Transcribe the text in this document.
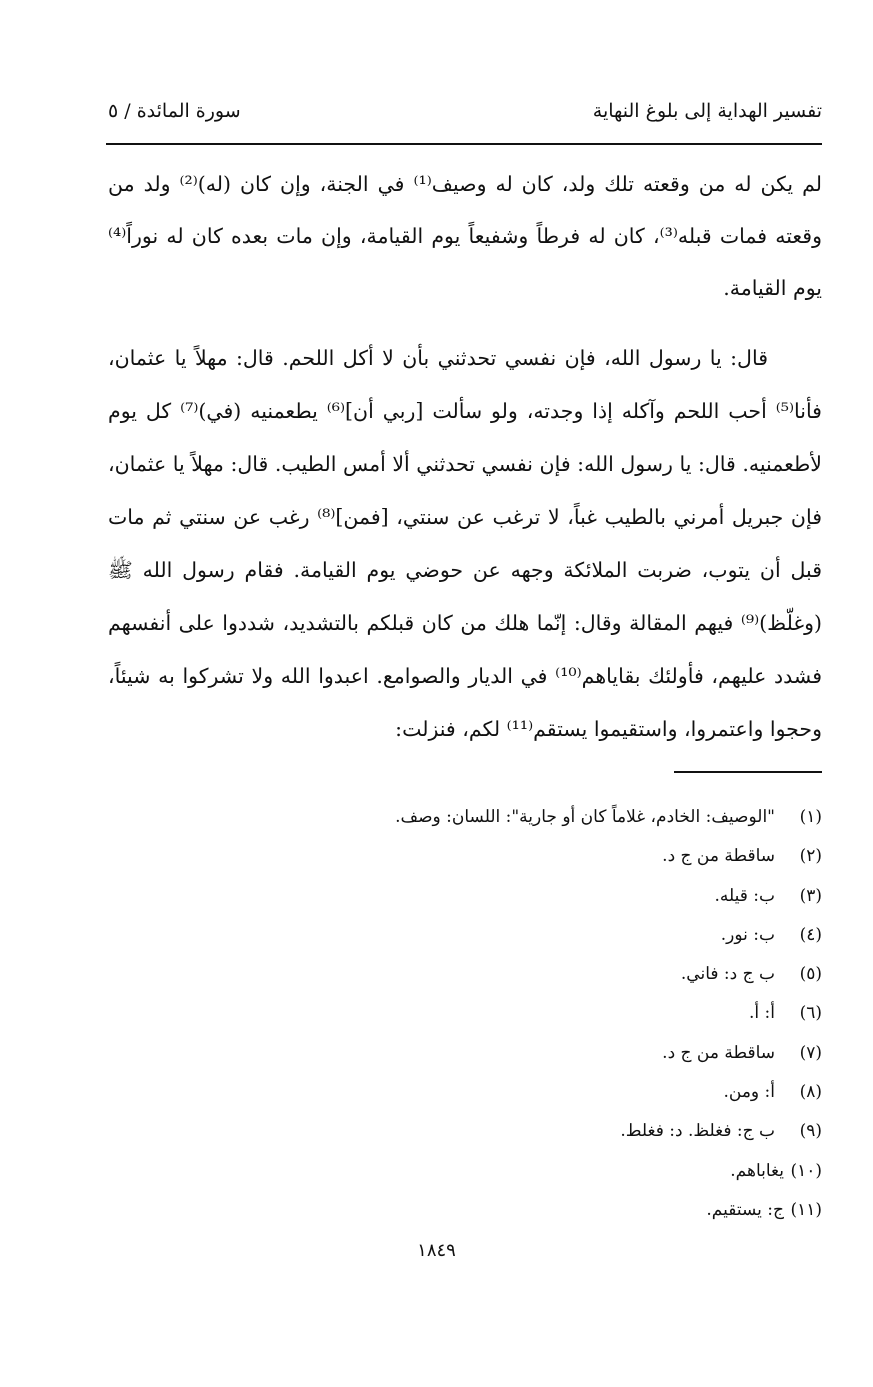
تفسير الهداية إلى بلوغ النهاية
سورة المائدة / ٥

لم يكن له من وقعته تلك ولد، كان له وصيف⁽¹⁾ في الجنة، وإن كان (له)⁽²⁾ ولد من وقعته فمات قبله⁽³⁾، كان له فرطاً وشفيعاً يوم القيامة، وإن مات بعده كان له نوراً⁽⁴⁾ يوم القيامة.

قال: يا رسول الله، فإن نفسي تحدثني بأن لا أكل اللحم. قال: مهلاً يا عثمان، فأنا⁽⁵⁾ أحب اللحم وآكله إذا وجدته، ولو سألت [ربي أن]⁽⁶⁾ يطعمنيه (في)⁽⁷⁾ كل يوم لأطعمنيه. قال: يا رسول الله: فإن نفسي تحدثني ألا أمس الطيب. قال: مهلاً يا عثمان، فإن جبريل أمرني بالطيب غباً، لا ترغب عن سنتي، [فمن]⁽⁸⁾ رغب عن سنتي ثم مات قبل أن يتوب، ضربت الملائكة وجهه عن حوضي يوم القيامة. فقام رسول الله ﷺ (وغلّظ)⁽⁹⁾ فيهم المقالة وقال: إنّما هلك من كان قبلكم بالتشديد، شددوا على أنفسهم فشدد عليهم، فأولئك بقاياهم⁽¹⁰⁾ في الديار والصوامع. اعبدوا الله ولا تشركوا به شيئاً، وحجوا واعتمروا، واستقيموا يستقم⁽¹¹⁾ لكم، فنزلت:

(١)"الوصيف: الخادم، غلاماً كان أو جارية": اللسان: وصف.
(٢)ساقطة من ج د.
(٣)ب: قيله.
(٤)ب: نور.
(٥)ب ج د: فاني.
(٦)أ: أ.
(٧)ساقطة من ج د.
(٨)أ: ومن.
(٩)ب ج: فغلظ. د: فغلط.
(١٠)يغاباهم.
(١١)ج: يستقيم.
١٨٤٩
